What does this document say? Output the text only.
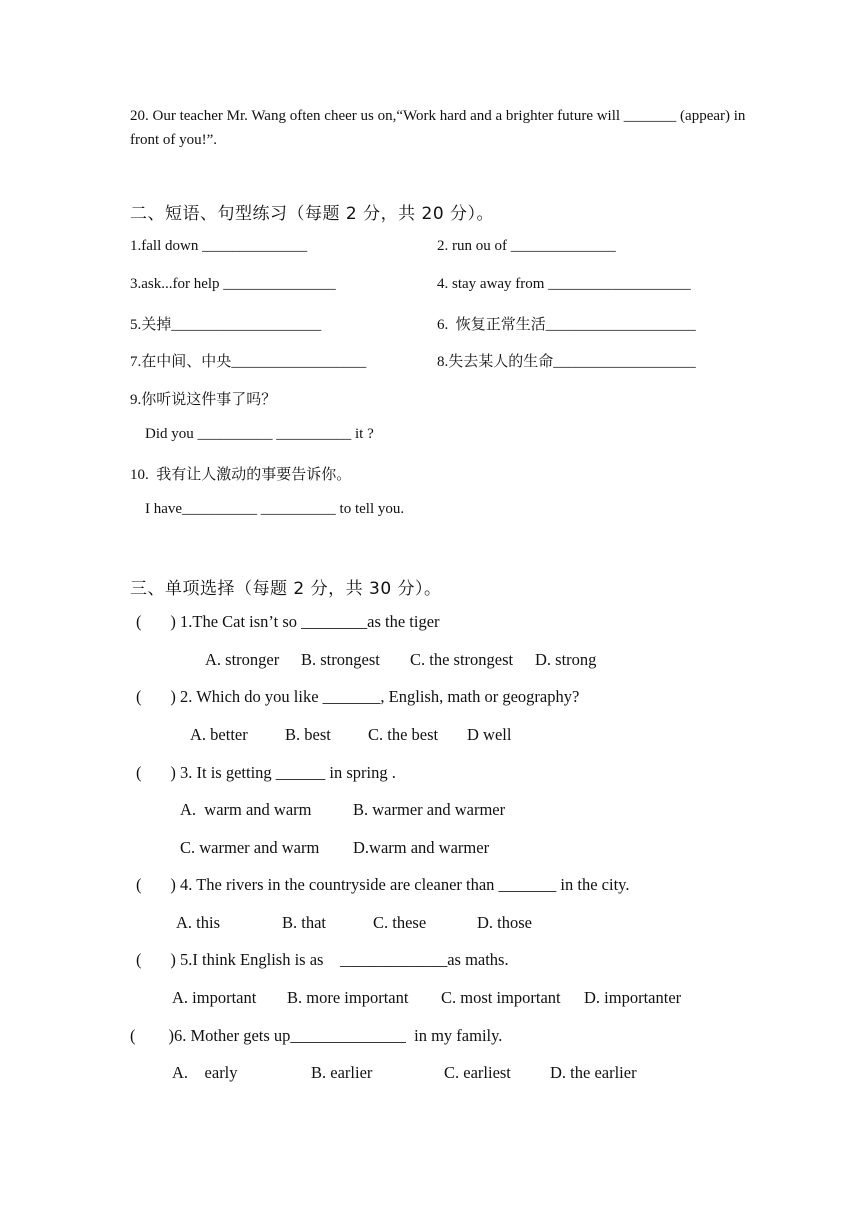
20. Our teacher Mr. Wang often cheer us on,“Work hard and a brighter future will _______ (appear) in
front of you!”.
二、短语、句型练习（每题 2 分，共 20 分）。
1.fall down ______________	2. run ou of ______________
3.ask...for help _______________	4. stay away from ___________________
5.关掉____________________	6.  恢复正常生活____________________
7.在中间、中央__________________	8.失去某人的生命___________________
9.你听说这件事了吗？
Did you __________ __________ it ?
10.  我有让人激动的事要告诉你。
I have__________ __________ to tell you.
三、单项选择（每题 2 分，共 30 分）。
(       ) 1.The Cat isn’t so ________as the tiger
A. stronger B. strongest C. the strongest D. strong
(       ) 2. Which do you like _______, English, math or geography?
A. better B. best C. the best D well
(       ) 3. It is getting ______ in spring .
A.  warm and warm	B. warmer and warmer
C. warmer and warm D.warm and warmer
(       ) 4. The rivers in the countryside are cleaner than _______ in the city.
A. this	B. that	C. these	D. those
(       ) 5.I think English is as    _____________as maths.
A. important B. more important C. most important D. importanter
(        )6. Mother gets up______________  in my family.
A.    early	B. earlier	C. earliest D. the earlier
